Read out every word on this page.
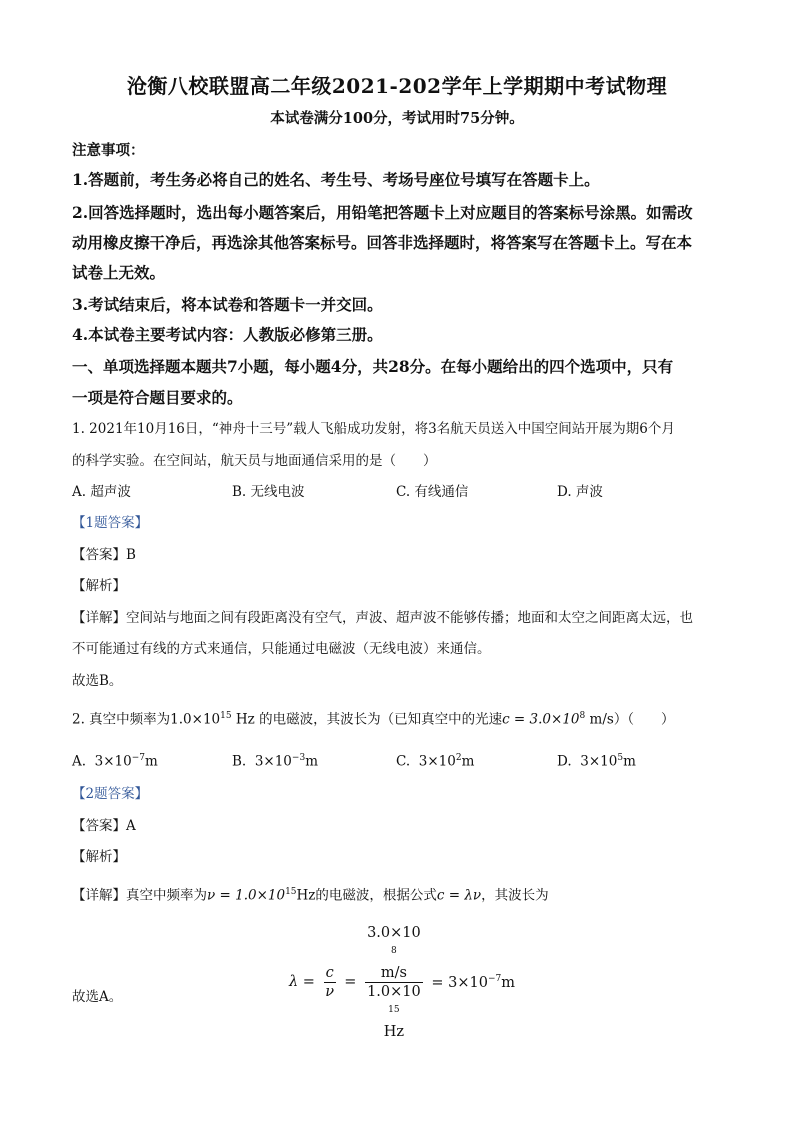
沧衡八校联盟高二年级2021-202学年上学期期中考试物理
本试卷满分100分，考试用时75分钟。
注意事项：
1.答题前，考生务必将自己的姓名、考生号、考场号座位号填写在答题卡上。
2.回答选择题时，选出每小题答案后，用铅笔把答题卡上对应题目的答案标号涂黑。如需改
动用橡皮擦干净后，再选涂其他答案标号。回答非选择题时，将答案写在答题卡上。写在本
试卷上无效。
3.考试结束后，将本试卷和答题卡一并交回。
4.本试卷主要考试内容：人教版必修第三册。
一、单项选择题本题共7小题，每小题4分，共28分。在每小题给出的四个选项中，只有
一项是符合题目要求的。
1. 2021年10月16日，“神舟十三号”载人飞船成功发射，将3名航天员送入中国空间站开展为期6个月
的科学实验。在空间站，航天员与地面通信采用的是（　　）
A. 超声波	B. 无线电波	C. 有线通信	D. 声波
【1题答案】
【答案】B
【解析】
【详解】空间站与地面之间有段距离没有空气，声波、超声波不能够传播；地面和太空之间距离太远，也
不可能通过有线的方式来通信，只能通过电磁波（无线电波）来通信。
故选B。
2. 真空中频率为$1.0\times 10^{15}$ Hz 的电磁波，其波长为（已知真空中的光速$c = 3.0\times 10^8$ m/s）（　　）
A. $3\times 10^{-7}m$	B. $3\times 10^{-3}m$	C. $3\times 10^2m$	D. $3\times 10^5m$
【2题答案】
【答案】A
【解析】
【详解】真空中频率为$\nu = 1.0\times 10^{15}Hz$的电磁波，根据公式c = λν，其波长为
$\lambda = \frac{c}{\nu} = 3.0\times 10$
$^8$
m/s
1.0×10
$^{15}$
$Hz = 3\times 10^{-7}m$
故选A。
